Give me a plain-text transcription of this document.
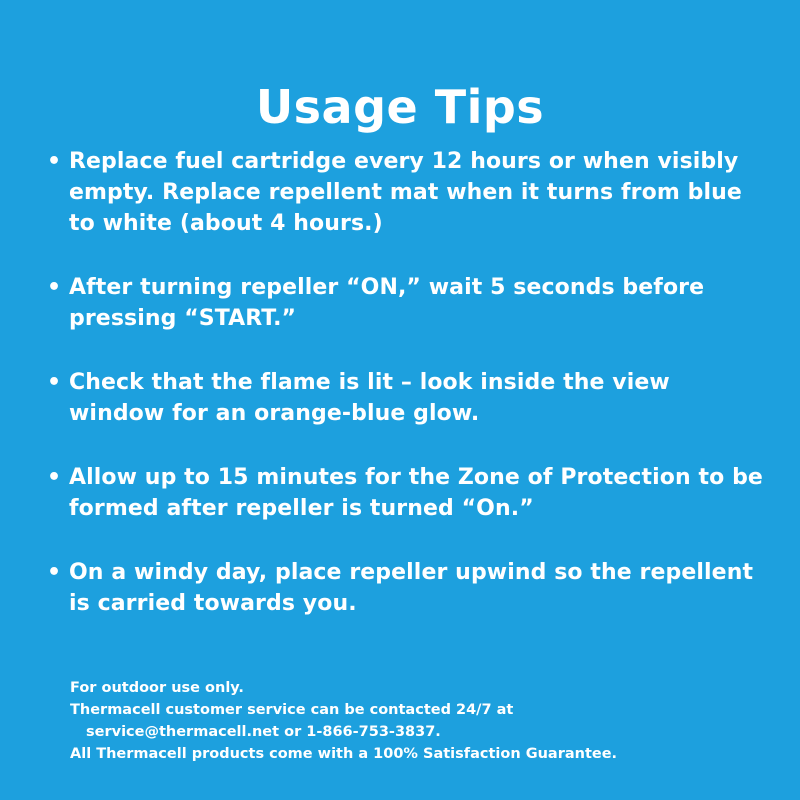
Usage Tips
• Replace fuel cartridge every 12 hours or when visibly empty. Replace repellent mat when it turns from blue to white (about 4 hours.)
• After turning repeller “ON,” wait 5 seconds before pressing “START.”
• Check that the flame is lit – look inside the view window for an orange-blue glow.
• Allow up to 15 minutes for the Zone of Protection to be formed after repeller is turned “On.”
• On a windy day, place repeller upwind so the repellent is carried towards you.
For outdoor use only.
Thermacell customer service can be contacted 24/7 at
service@thermacell.net or 1-866-753-3837.
All Thermacell products come with a 100% Satisfaction Guarantee.
